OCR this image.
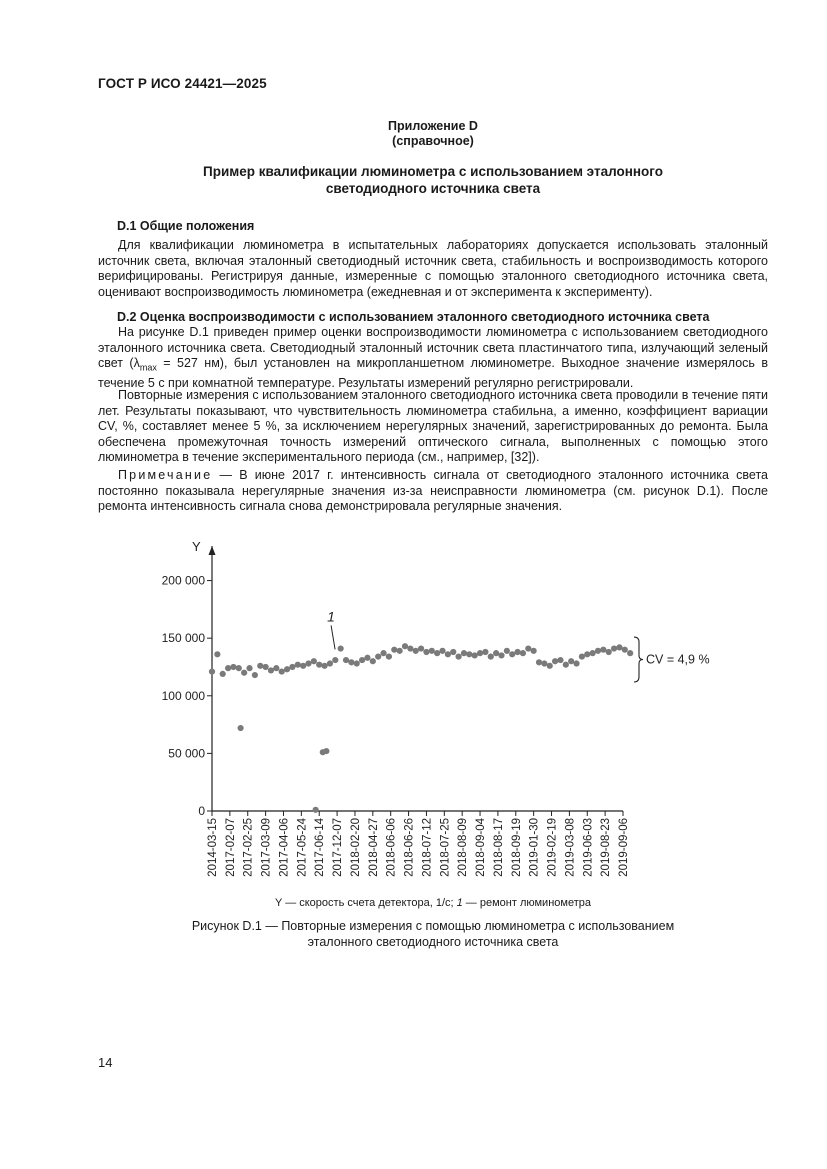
ГОСТ Р ИСО 24421—2025
Приложение D
(справочное)
Пример квалификации люминометра с использованием эталонного
светодиодного источника света
D.1 Общие положения

Для квалификации люминометра в испытательных лабораториях допускается использовать эталонный источник света, включая эталонный светодиодный источник света, стабильность и воспроизводимость которого верифицированы. Регистрируя данные, измеренные с помощью эталонного светодиодного источника света, оценивают воспроизводимость люминометра (ежедневная и от эксперимента к эксперименту).

D.2 Оценка воспроизводимости с использованием эталонного светодиодного источника света

На рисунке D.1 приведен пример оценки воспроизводимости люминометра с использованием светодиодного эталонного источника света. Светодиодный эталонный источник света пластинчатого типа, излучающий зеленый свет ($\lambda_{max} = 527$ нм), был установлен на микропланшетном люминометре. Выходное значение измерялось в течение 5 с при комнатной температуре. Результаты измерений регулярно регистрировали.

Повторные измерения с использованием эталонного светодиодного источника света проводили в течение пяти лет. Результаты показывают, что чувствительность люминометра стабильна, а именно, коэффициент вариации CV, %, составляет менее 5 %, за исключением нерегулярных значений, зарегистрированных до ремонта. Была обеспечена промежуточная точность измерений оптического сигнала, выполненных с помощью этого люминометра в течение экспериментального периода (см., например, [32]).

Примечание — В июне 2017 г. интенсивность сигнала от светодиодного эталонного источника света постоянно показывала нерегулярные значения из-за неисправности люминометра (см. рисунок D.1). После ремонта интенсивность сигнала снова демонстрировала регулярные значения.

Y
0
50 000
100 000
150 000
200 000
2014-03-15 2017-02-07 2017-02-25 2017-03-09 2017-04-06 2017-05-24 2017-06-14 2017-12-07 2018-02-20 2018-04-27 2018-06-06 2018-06-26 2018-07-12 2018-07-25 2018-08-09 2018-09-04 2018-08-17 2018-09-19 2019-01-30 2019-02-19 2019-03-08 2019-06-03 2019-08-23 2019-09-06
1
CV = 4,9 %
Y — скорость счета детектора, 1/с; 1 — ремонт люминометра
Рисунок D.1 — Повторные измерения с помощью люминометра с использованием
эталонного светодиодного источника света
14
